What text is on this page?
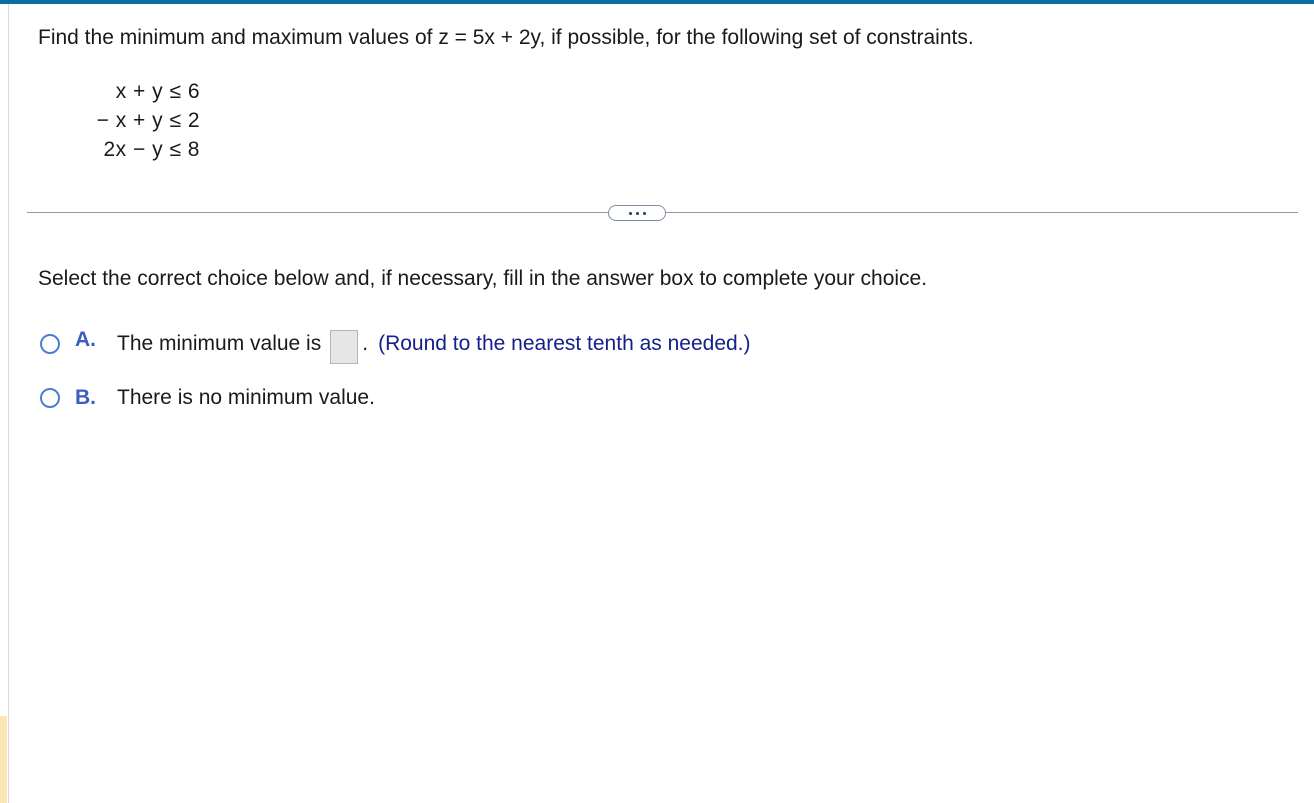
Find the minimum and maximum values of z = 5x + 2y, if possible, for the following set of constraints.
x + y ≤ 6
− x + y ≤ 2
2x − y ≤ 8
Select the correct choice below and, if necessary, fill in the answer box to complete your choice.
A.	The minimum value is . (Round to the nearest tenth as needed.)
B.	There is no minimum value.
